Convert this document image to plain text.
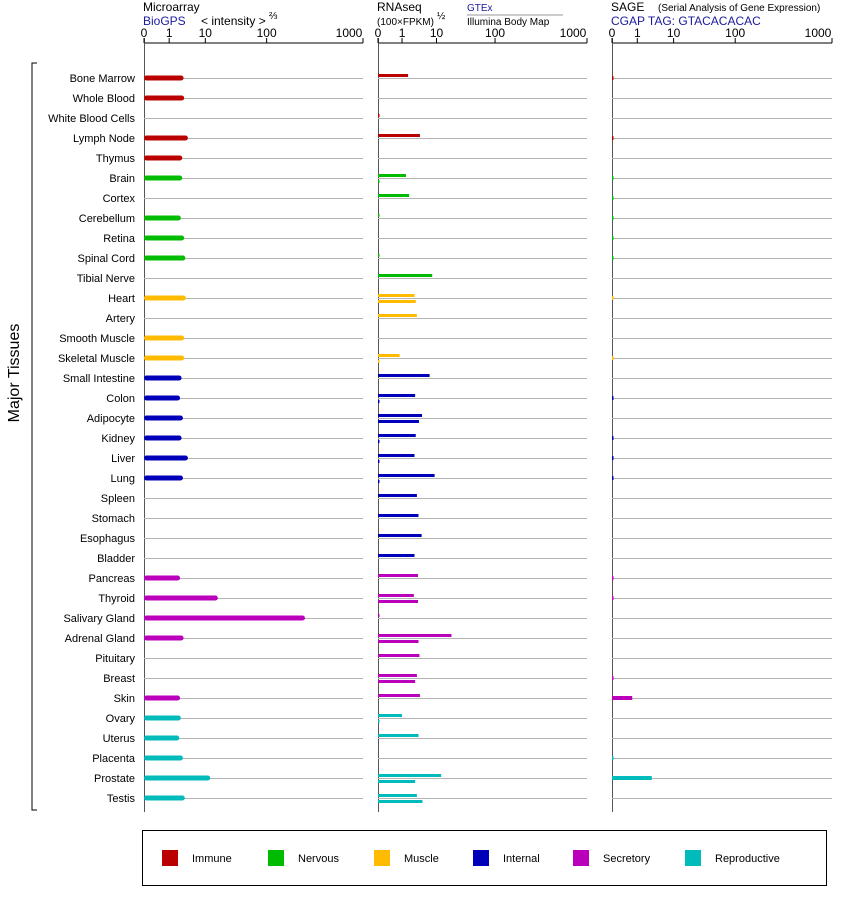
Microarray
BioGPS < intensity > ⅔
RNAseq
(100×FPKM)
½
GTEx
Illumina Body Map
SAGE (Serial Analysis of Gene Expression)
CGAP TAG: GTACACACAC
0 1 10	100	1000 0 1 10	100	1000 0 1 10	100	1000
Bone Marrow
Whole Blood
White Blood Cells
Lymph Node
Thymus
Brain
Cortex
Cerebellum
Retina
Spinal Cord
Tibial Nerve
Heart
Artery
Smooth Muscle
Skeletal Muscle
Small Intestine
Colon
Adipocyte
Kidney
Liver
Lung
Spleen
Stomach
Esophagus
Bladder
Pancreas
Thyroid
Salivary Gland
Adrenal Gland
Pituitary
Breast
Skin
Ovary
Uterus
Placenta
Prostate
Testis
Major Tissues
Immune	Nervous	Muscle	Internal	Secretory	Reproductive
